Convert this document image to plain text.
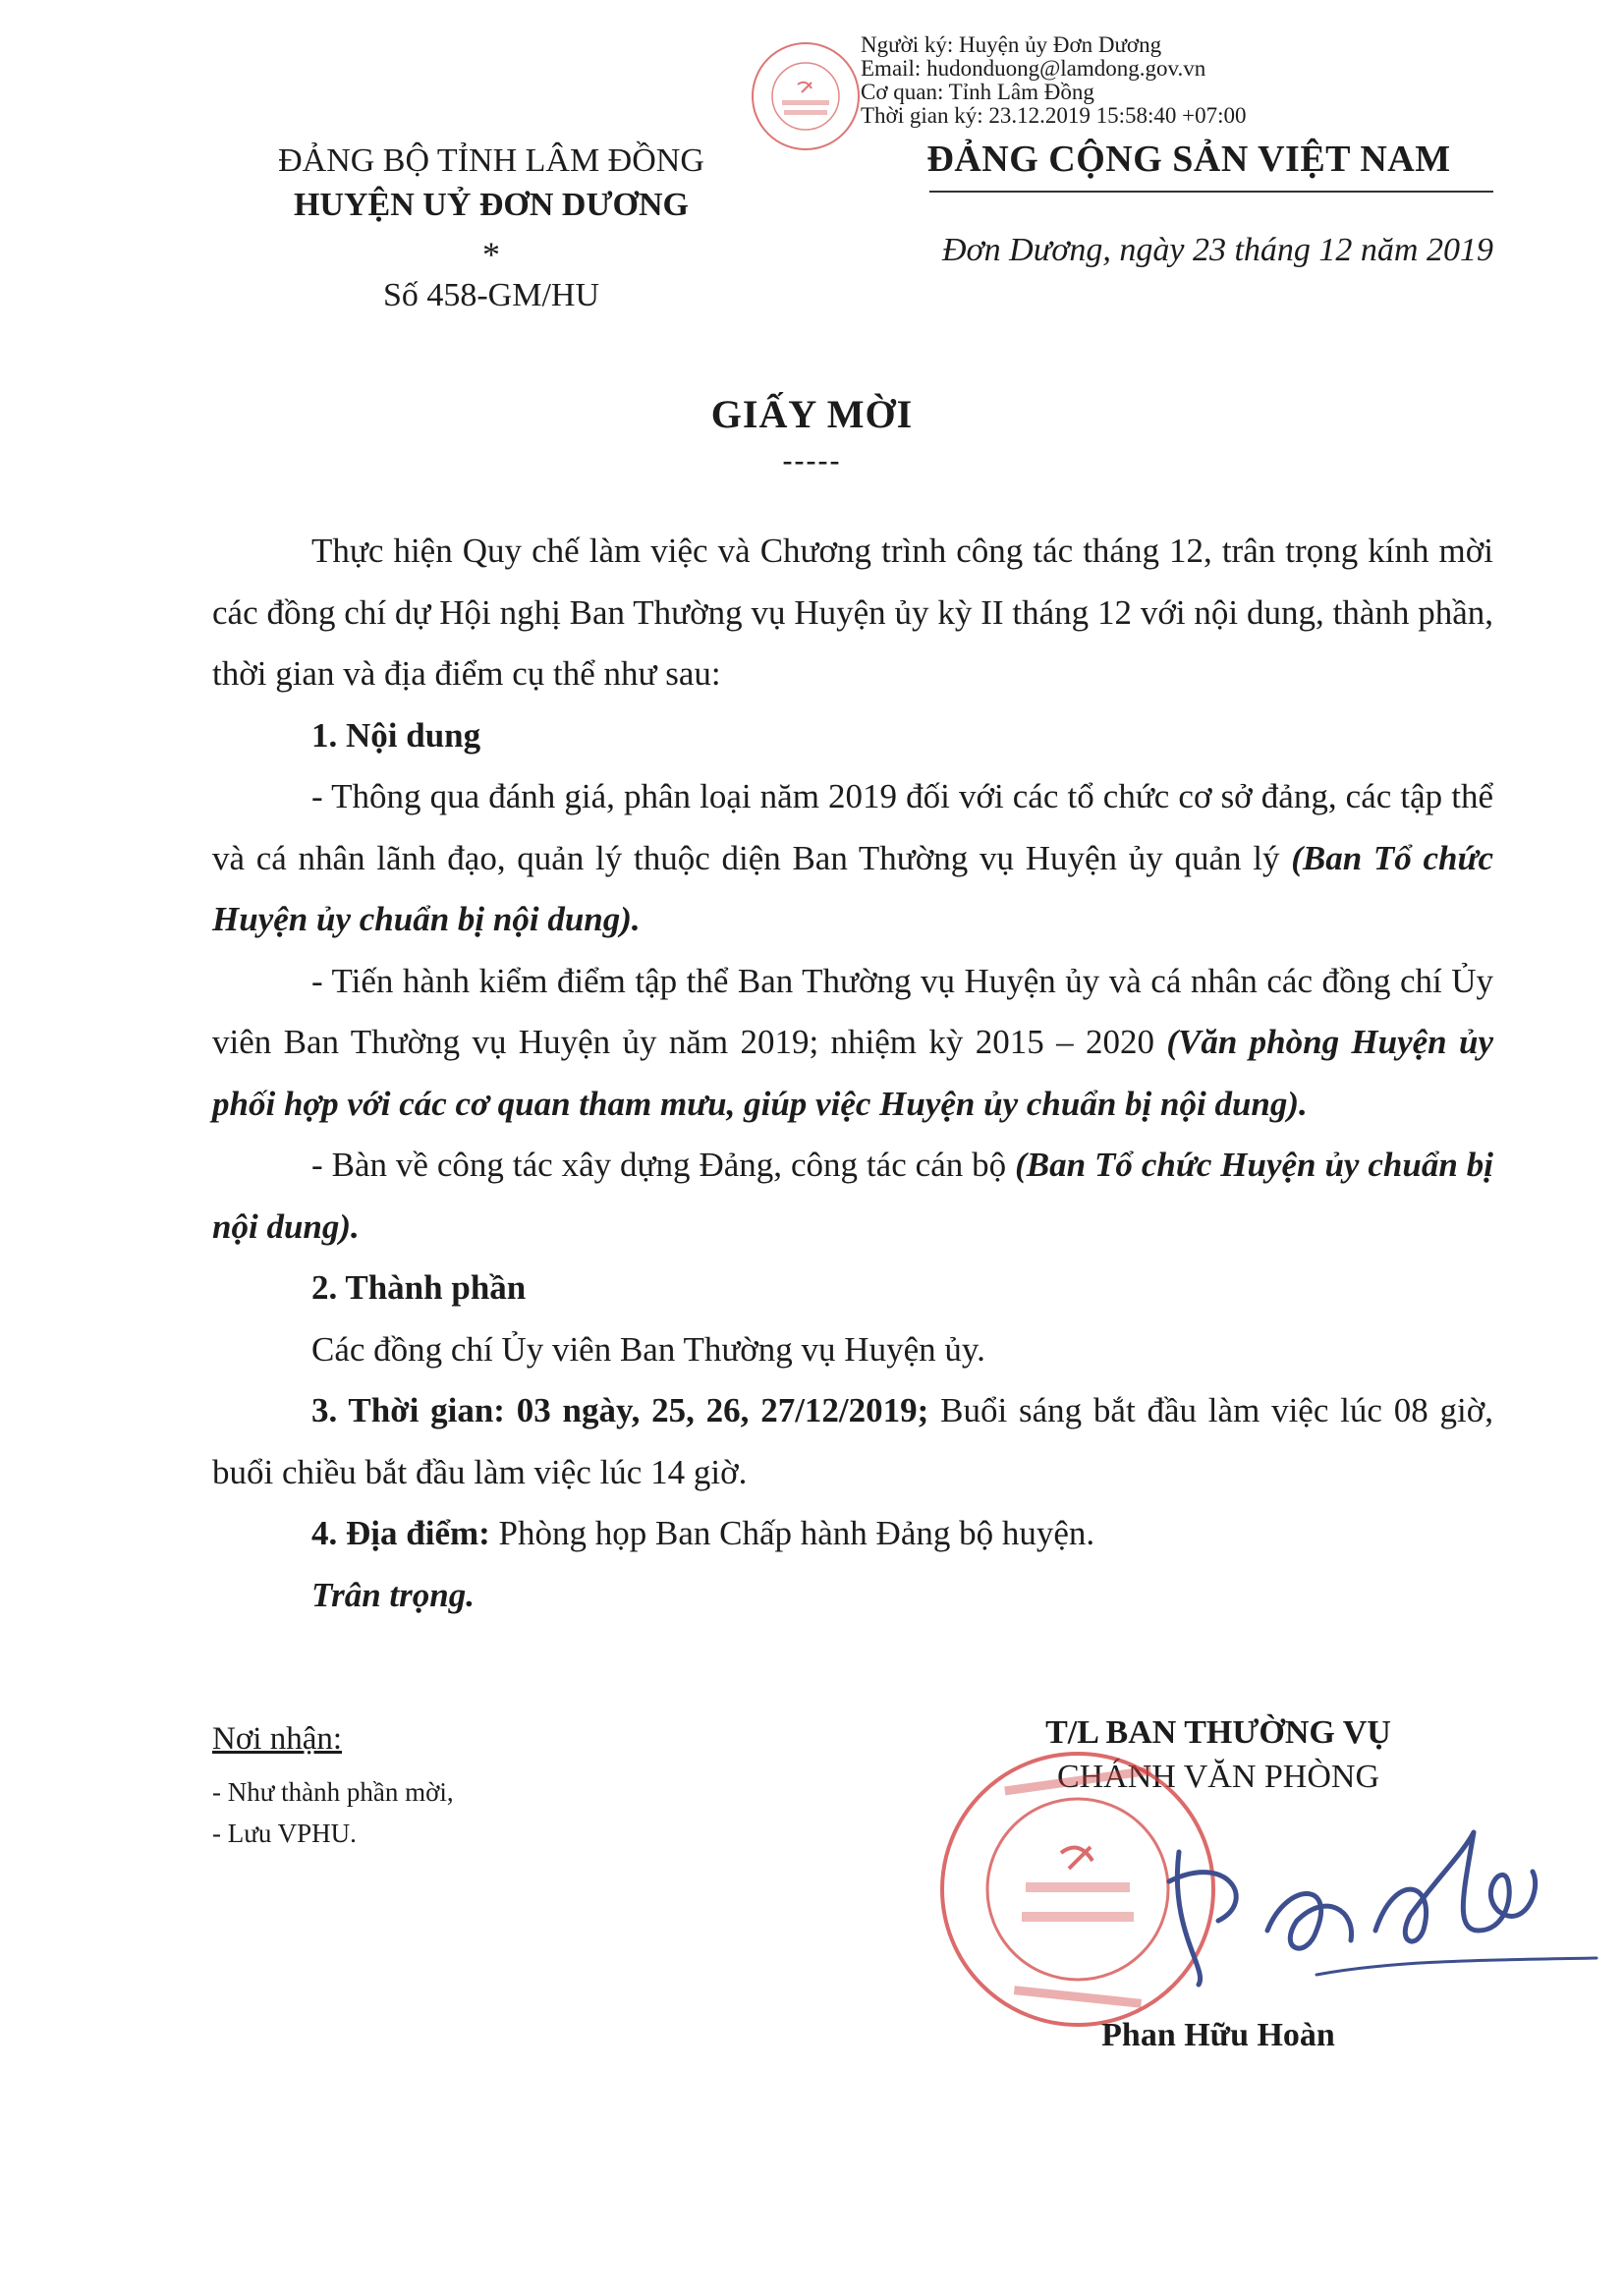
Người ký: Huyện ủy Đơn Dương
Email: hudonduong@lamdong.gov.vn
Cơ quan: Tỉnh Lâm Đồng
Thời gian ký: 23.12.2019 15:58:40 +07:00
ĐẢNG BỘ TỈNH LÂM ĐỒNG
HUYỆN UỶ ĐƠN DƯƠNG
*
Số 458-GM/HU
ĐẢNG CỘNG SẢN VIỆT NAM
Đơn Dương, ngày 23 tháng 12 năm 2019
GIẤY MỜI
-----

Thực hiện Quy chế làm việc và Chương trình công tác tháng 12, trân trọng kính mời các đồng chí dự Hội nghị Ban Thường vụ Huyện ủy kỳ II tháng 12 với nội dung, thành phần, thời gian và địa điểm cụ thể như sau:

1. Nội dung

- Thông qua đánh giá, phân loại năm 2019 đối với các tổ chức cơ sở đảng, các tập thể và cá nhân lãnh đạo, quản lý thuộc diện Ban Thường vụ Huyện ủy quản lý (Ban Tổ chức Huyện ủy chuẩn bị nội dung).

- Tiến hành kiểm điểm tập thể Ban Thường vụ Huyện ủy và cá nhân các đồng chí Ủy viên Ban Thường vụ Huyện ủy năm 2019; nhiệm kỳ 2015 – 2020 (Văn phòng Huyện ủy phối hợp với các cơ quan tham mưu, giúp việc Huyện ủy chuẩn bị nội dung).

- Bàn về công tác xây dựng Đảng, công tác cán bộ (Ban Tổ chức Huyện ủy chuẩn bị nội dung).

2. Thành phần

Các đồng chí Ủy viên Ban Thường vụ Huyện ủy.

3. Thời gian: 03 ngày, 25, 26, 27/12/2019; Buổi sáng bắt đầu làm việc lúc 08 giờ, buổi chiều bắt đầu làm việc lúc 14 giờ.

4. Địa điểm: Phòng họp Ban Chấp hành Đảng bộ huyện.

Trân trọng.

Nơi nhận:
- Như thành phần mời,
- Lưu VPHU.
T/L BAN THƯỜNG VỤ
CHÁNH VĂN PHÒNG
Phan Hữu Hoàn
